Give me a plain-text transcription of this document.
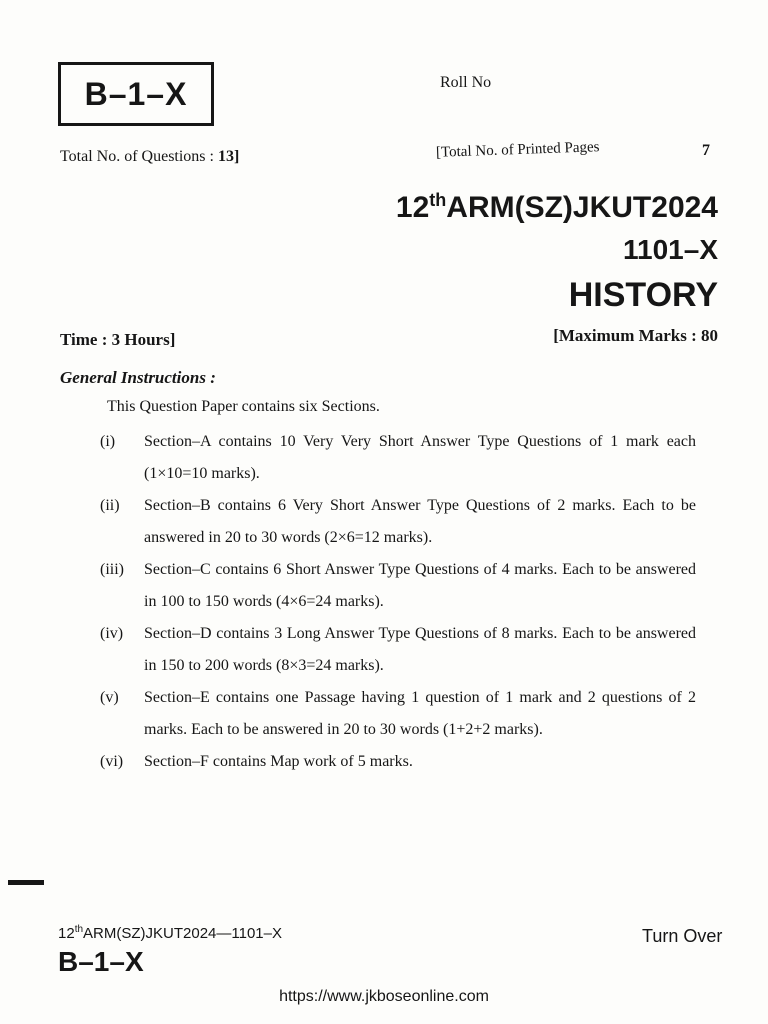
B–1–X	Roll No
Total No. of Questions : 13]	[Total No. of Printed Pages	7
12thARM(SZ)JKUT2024
1101–X
HISTORY
Time : 3 Hours]	[Maximum Marks : 80
General Instructions :
This Question Paper contains six Sections.
(i)	Section–A contains 10 Very Very Short Answer Type Questions of 1 mark each (1×10=10 marks).
(ii)	Section–B contains 6 Very Short Answer Type Questions of 2 marks. Each to be answered in 20 to 30 words (2×6=12 marks).
(iii)	Section–C contains 6 Short Answer Type Questions of 4 marks. Each to be answered in 100 to 150 words (4×6=24 marks).
(iv)	Section–D contains 3 Long Answer Type Questions of 8 marks. Each to be answered in 150 to 200 words (8×3=24 marks).
(v)	Section–E contains one Passage having 1 question of 1 mark and 2 questions of 2 marks. Each to be answered in 20 to 30 words (1+2+2 marks).
(vi)	Section–F contains Map work of 5 marks.
12thARM(SZ)JKUT2024—1101–X
B–1–X
Turn Over
https://www.jkboseonline.com
